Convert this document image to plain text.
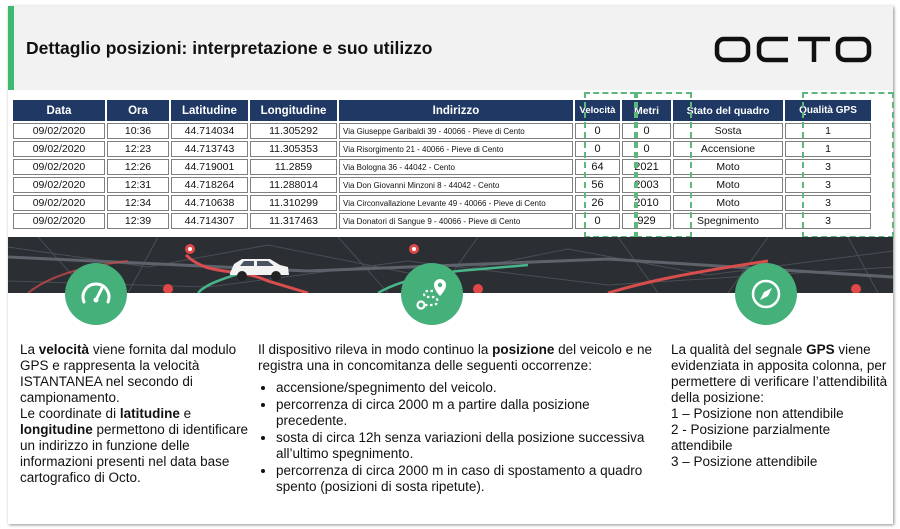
Dettaglio posizioni: interpretazione e suo utilizzo
Data	Ora	Latitudine	Longitudine	Indirizzo	Velocità	Metri	Stato del quadro	Qualità GPS
09/02/2020	10:36	44.714034	11.305292	Via Giuseppe Garibaldi 39 - 40066 - Pieve di Cento	0	0	Sosta	1
09/02/2020	12:23	44.713743	11.305353	Via Risorgimento 21 - 40066 - Pieve di Cento	0	0	Accensione	1
09/02/2020	12:26	44.719001	11.2859	Via Bologna 36 - 44042 - Cento	64	2021	Moto	3
09/02/2020	12:31	44.718264	11.288014	Via Don Giovanni Minzoni 8 - 44042 - Cento	56	2003	Moto	3
09/02/2020	12:34	44.710638	11.310299	Via Circonvallazione Levante 49 - 40066 - Pieve di Cento	26	2010	Moto	3
09/02/2020	12:39	44.714307	11.317463	Via Donatori di Sangue 9 - 40066 - Pieve di Cento	0	929	Spegnimento	3

La velocità viene fornita dal modulo GPS e rappresenta la velocità ISTANTANEA nel secondo di campionamento.

Le coordinate di latitudine e longitudine permettono di identificare un indirizzo in funzione delle informazioni presenti nel data base cartografico di Octo.

Il dispositivo rileva in modo continuo la posizione del veicolo e ne registra una in concomitanza delle seguenti occorrenze:

• accensione/spegnimento del veicolo.
• percorrenza di circa 2000 m a partire dalla posizione precedente.
• sosta di circa 12h senza variazioni della posizione successiva all’ultimo spegnimento.
• percorrenza di circa 2000 m in caso di spostamento a quadro spento (posizioni di sosta ripetute).

La qualità del segnale GPS viene evidenziata in apposita colonna, per permettere di verificare l’attendibilità della posizione:

1 – Posizione non attendibile

2 - Posizione parzialmente attendibile

3 – Posizione attendibile
